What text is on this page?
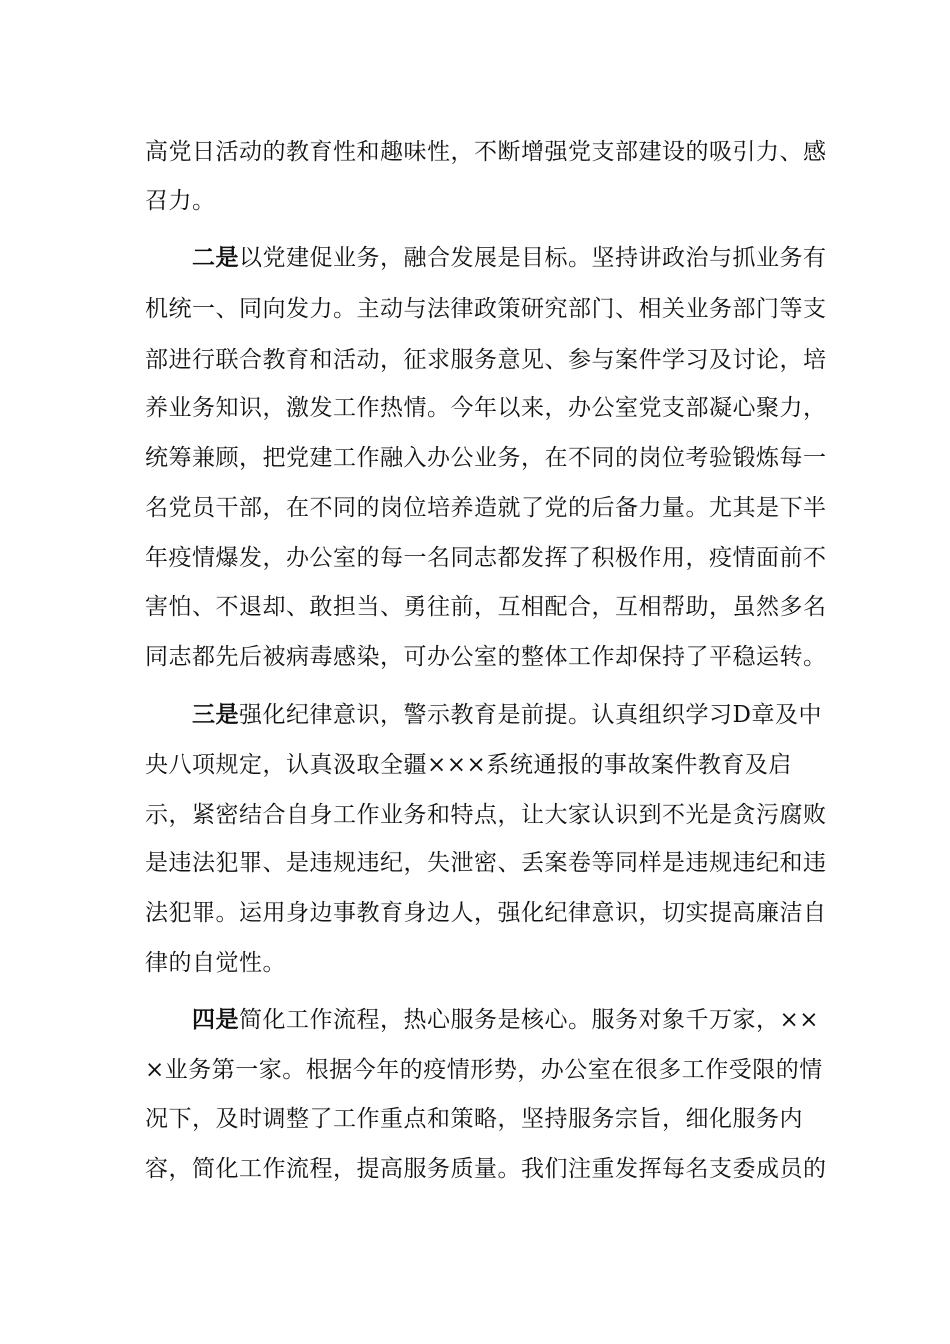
高党日活动的教育性和趣味性，不断增强党支部建设的吸引力、感
召力。
二是以党建促业务，融合发展是目标。坚持讲政治与抓业务有
机统一、同向发力。主动与法律政策研究部门、相关业务部门等支
部进行联合教育和活动，征求服务意见、参与案件学习及讨论，培
养业务知识，激发工作热情。今年以来，办公室党支部凝心聚力，
统筹兼顾，把党建工作融入办公业务，在不同的岗位考验锻炼每一
名党员干部，在不同的岗位培养造就了党的后备力量。尤其是下半
年疫情爆发，办公室的每一名同志都发挥了积极作用，疫情面前不
害怕、不退却、敢担当、勇往前，互相配合，互相帮助，虽然多名
同志都先后被病毒感染，可办公室的整体工作却保持了平稳运转。
三是强化纪律意识，警示教育是前提。认真组织学习D章及中
央八项规定，认真汲取全疆×××系统通报的事故案件教育及启
示，紧密结合自身工作业务和特点，让大家认识到不光是贪污腐败
是违法犯罪、是违规违纪，失泄密、丢案卷等同样是违规违纪和违
法犯罪。运用身边事教育身边人，强化纪律意识，切实提高廉洁自
律的自觉性。
四是简化工作流程，热心服务是核心。服务对象千万家，××
×业务第一家。根据今年的疫情形势，办公室在很多工作受限的情
况下，及时调整了工作重点和策略，坚持服务宗旨，细化服务内
容，简化工作流程，提高服务质量。我们注重发挥每名支委成员的
